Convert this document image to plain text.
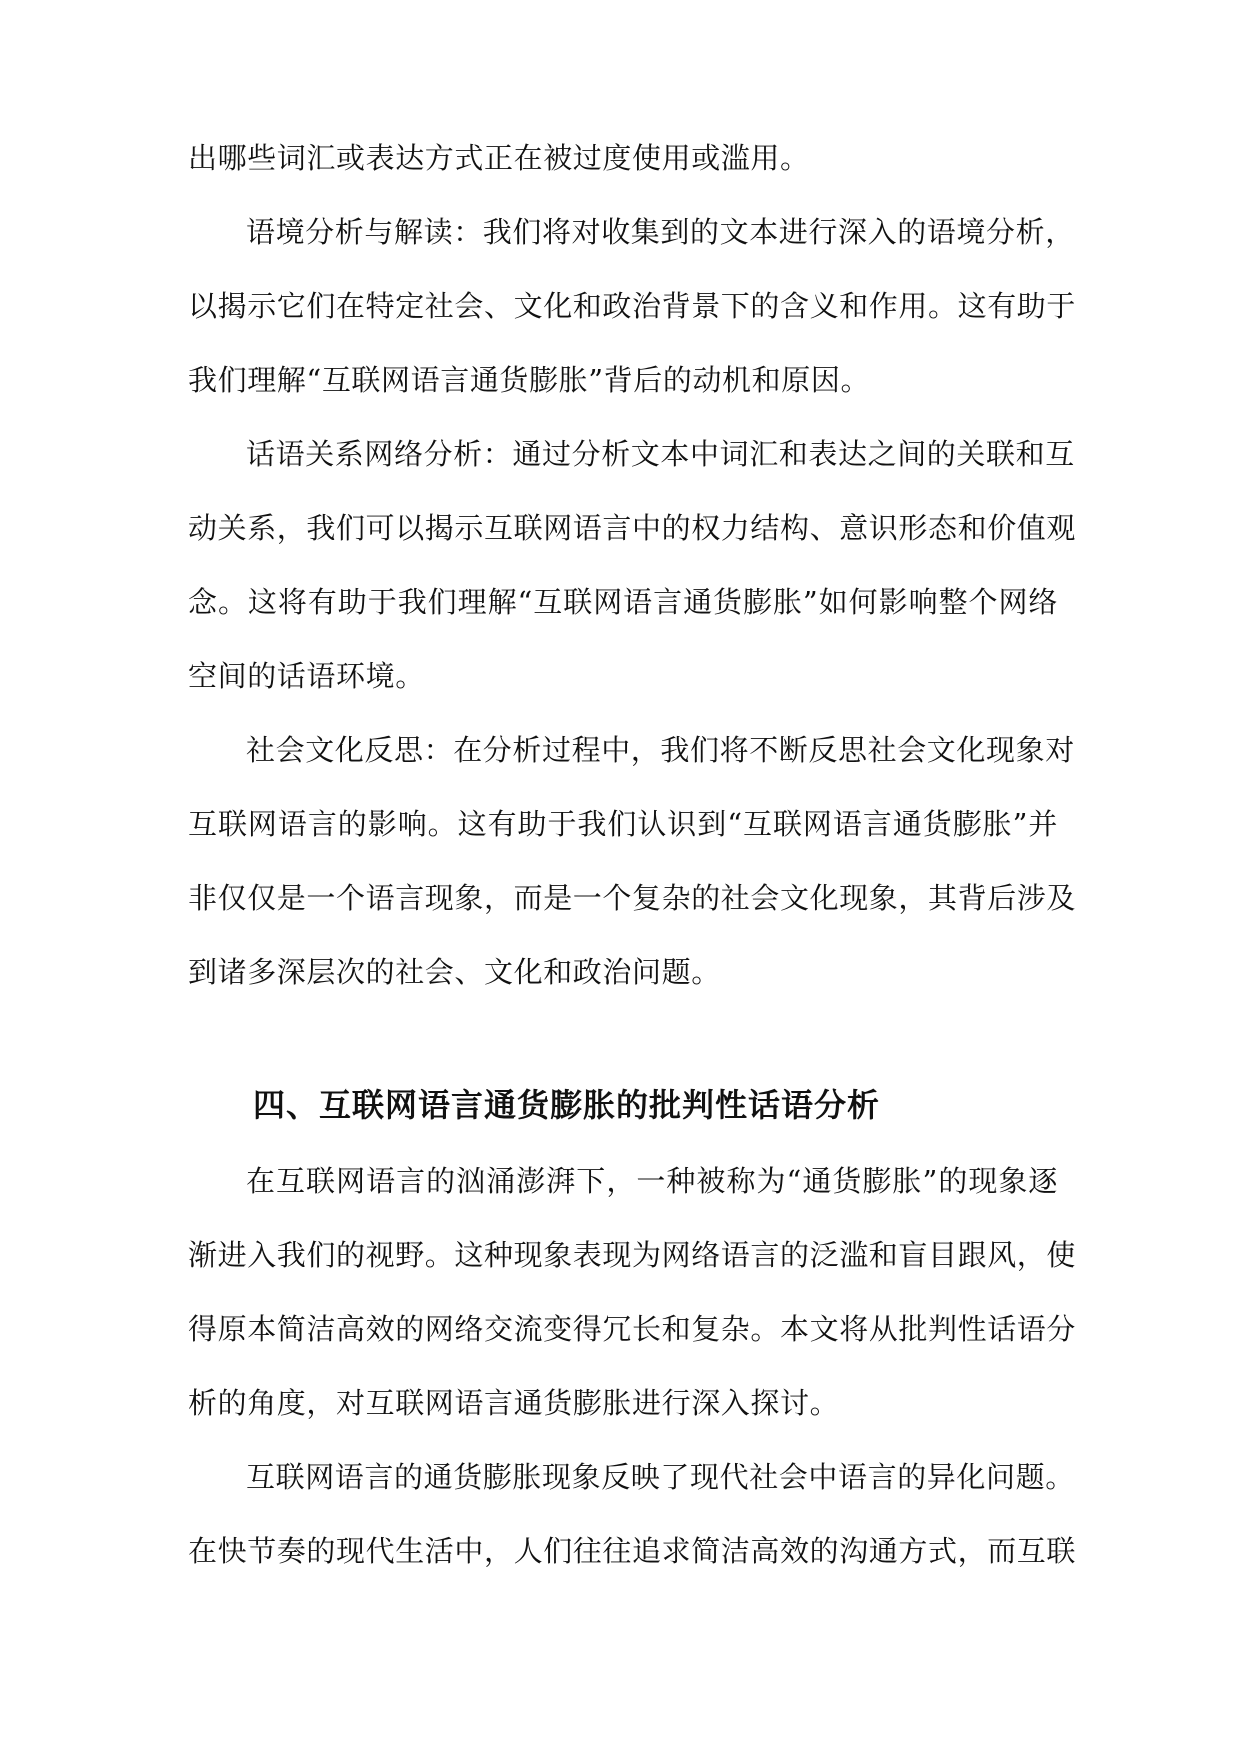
出哪些词汇或表达方式正在被过度使用或滥用。
语境分析与解读：我们将对收集到的文本进行深入的语境分析，
以揭示它们在特定社会、文化和政治背景下的含义和作用。这有助于
我们理解“互联网语言通货膨胀”背后的动机和原因。
话语关系网络分析：通过分析文本中词汇和表达之间的关联和互
动关系，我们可以揭示互联网语言中的权力结构、意识形态和价值观
念。这将有助于我们理解“互联网语言通货膨胀”如何影响整个网络
空间的话语环境。
社会文化反思：在分析过程中，我们将不断反思社会文化现象对
互联网语言的影响。这有助于我们认识到“互联网语言通货膨胀”并
非仅仅是一个语言现象，而是一个复杂的社会文化现象，其背后涉及
到诸多深层次的社会、文化和政治问题。
四、互联网语言通货膨胀的批判性话语分析
在互联网语言的汹涌澎湃下，一种被称为“通货膨胀”的现象逐
渐进入我们的视野。这种现象表现为网络语言的泛滥和盲目跟风，使
得原本简洁高效的网络交流变得冗长和复杂。本文将从批判性话语分
析的角度，对互联网语言通货膨胀进行深入探讨。
互联网语言的通货膨胀现象反映了现代社会中语言的异化问题。
在快节奏的现代生活中，人们往往追求简洁高效的沟通方式，而互联
